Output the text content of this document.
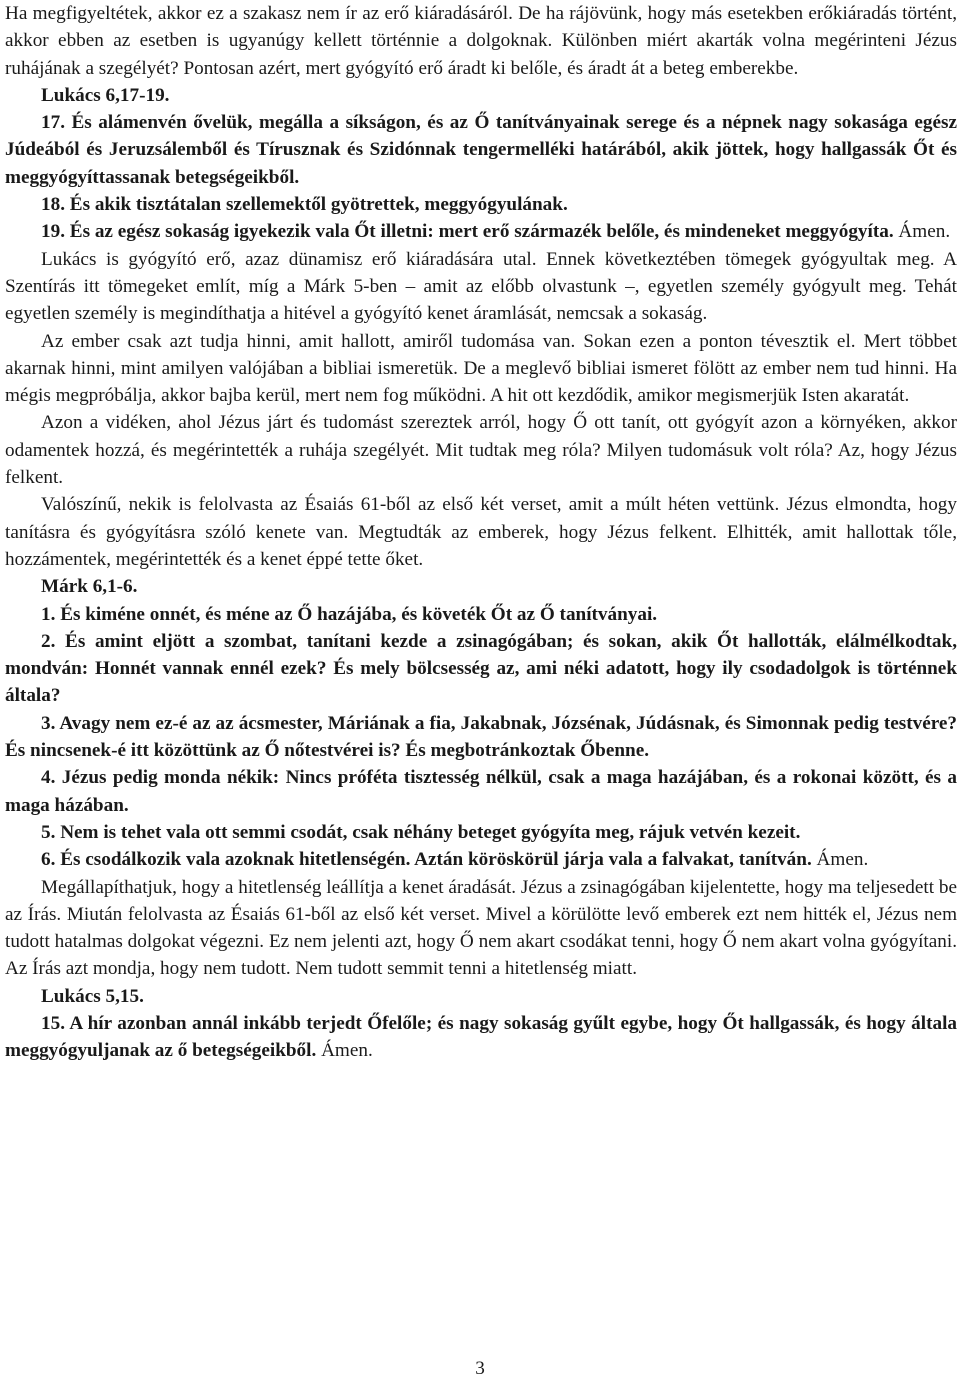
Ha megfigyeltétek, akkor ez a szakasz nem ír az erő kiáradásáról. De ha rájövünk, hogy más esetekben erőkiáradás történt, akkor ebben az esetben is ugyanúgy kellett történnie a dolgoknak. Különben miért akarták volna megérinteni Jézus ruhájának a szegélyét? Pontosan azért, mert gyógyító erő áradt ki belőle, és áradt át a beteg emberekbe.

Lukács 6,17-19.

17. És alámenvén ővelük, megálla a síkságon, és az Ő tanítványainak serege és a népnek nagy sokasága egész Júdeából és Jeruzsálemből és Tírusznak és Szidónnak tengermelléki határából, akik jöttek, hogy hallgassák Őt és meggyógyíttassanak betegségeikből.

18. És akik tisztátalan szellemektől gyötrettek, meggyógyulának.

19. És az egész sokaság igyekezik vala Őt illetni: mert erő származék belőle, és mindeneket meggyógyíta. Ámen.

Lukács is gyógyító erő, azaz dünamisz erő kiáradására utal. Ennek következtében tömegek gyógyultak meg. A Szentírás itt tömegeket említ, míg a Márk 5-ben – amit az előbb olvastunk –, egyetlen személy gyógyult meg. Tehát egyetlen személy is megindíthatja a hitével a gyógyító kenet áramlását, nemcsak a sokaság.

Az ember csak azt tudja hinni, amit hallott, amiről tudomása van. Sokan ezen a ponton tévesztik el. Mert többet akarnak hinni, mint amilyen valójában a bibliai ismeretük. De a meglevő bibliai ismeret fölött az ember nem tud hinni. Ha mégis megpróbálja, akkor bajba kerül, mert nem fog működni. A hit ott kezdődik, amikor megismerjük Isten akaratát.

Azon a vidéken, ahol Jézus járt és tudomást szereztek arról, hogy Ő ott tanít, ott gyógyít azon a környéken, akkor odamentek hozzá, és megérintették a ruhája szegélyét. Mit tudtak meg róla? Milyen tudomásuk volt róla? Az, hogy Jézus felkent.

Valószínű, nekik is felolvasta az Ésaiás 61-ből az első két verset, amit a múlt héten vettünk. Jézus elmondta, hogy tanításra és gyógyításra szóló kenete van. Megtudták az emberek, hogy Jézus felkent. Elhitték, amit hallottak tőle, hozzámentek, megérintették és a kenet éppé tette őket.

Márk 6,1-6.

1. És kiméne onnét, és méne az Ő hazájába, és követék Őt az Ő tanítványai.

2. És amint eljött a szombat, tanítani kezde a zsinagógában; és sokan, akik Őt hallották, elálmélkodtak, mondván: Honnét vannak ennél ezek? És mely bölcsesség az, ami néki adatott, hogy ily csodadolgok is történnek általa?

3. Avagy nem ez-é az az ácsmester, Máriának a fia, Jakabnak, Józsénak, Júdásnak, és Simonnak pedig testvére? És nincsenek-é itt közöttünk az Ő nőtestvérei is? És megbotránkoztak Őbenne.

4. Jézus pedig monda nékik: Nincs próféta tisztesség nélkül, csak a maga hazájában, és a rokonai között, és a maga házában.

5. Nem is tehet vala ott semmi csodát, csak néhány beteget gyógyíta meg, rájuk vetvén kezeit.

6. És csodálkozik vala azoknak hitetlenségén. Aztán köröskörül járja vala a falvakat, tanítván. Ámen.

Megállapíthatjuk, hogy a hitetlenség leállítja a kenet áradását. Jézus a zsinagógában kijelentette, hogy ma teljesedett be az Írás. Miután felolvasta az Ésaiás 61-ből az első két verset. Mivel a körülötte levő emberek ezt nem hitték el, Jézus nem tudott hatalmas dolgokat végezni. Ez nem jelenti azt, hogy Ő nem akart csodákat tenni, hogy Ő nem akart volna gyógyítani. Az Írás azt mondja, hogy nem tudott. Nem tudott semmit tenni a hitetlenség miatt.

Lukács 5,15.

15. A hír azonban annál inkább terjedt Őfelőle; és nagy sokaság gyűlt egybe, hogy Őt hallgassák, és hogy általa meggyógyuljanak az ő betegségeikből. Ámen.

3
